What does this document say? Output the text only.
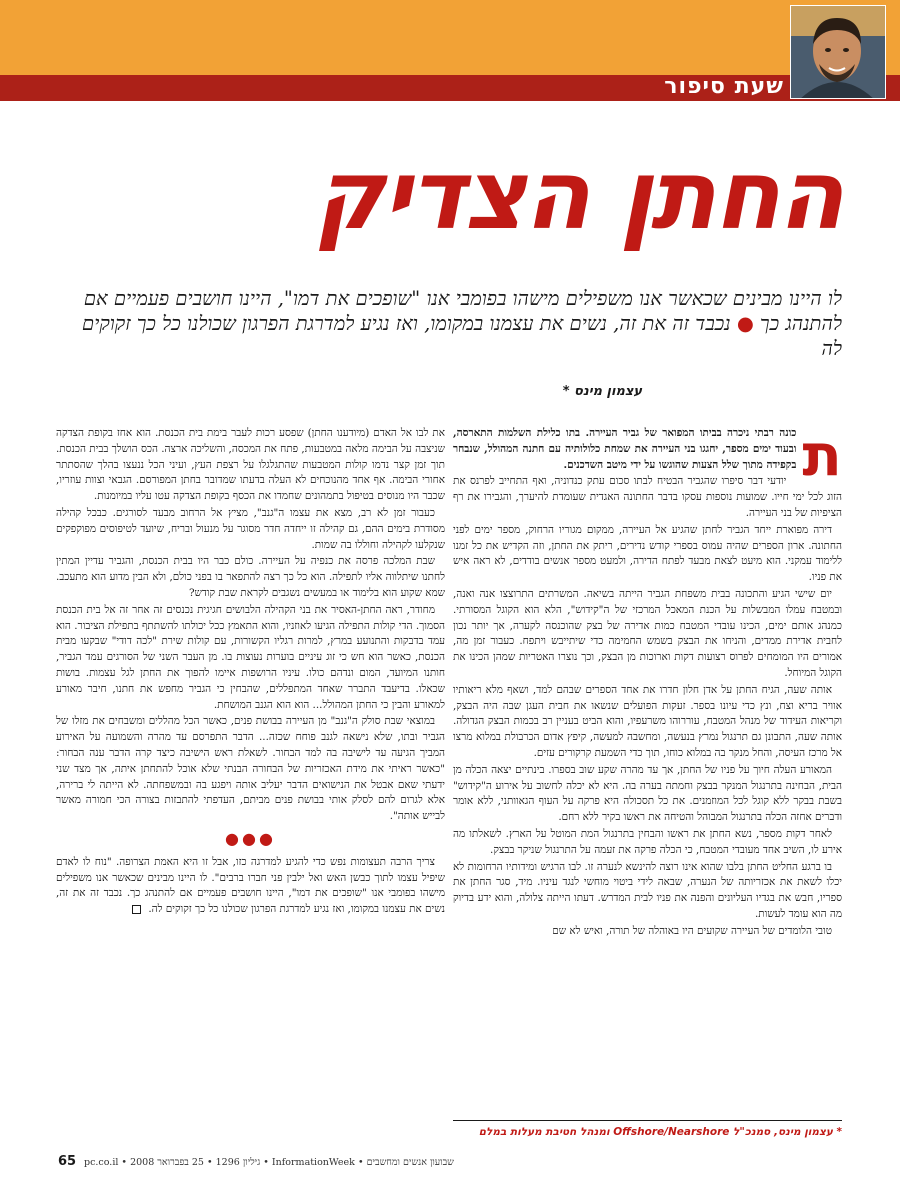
שעת סיפור
החתן הצדיק
לו היינו מבינים שכאשר אנו משפילים מישהו בפומבי אנו "שופכים את דמו", היינו חושבים פעמיים אם להתנהג כך ● נכבד זה את זה, נשים את עצמנו במקומו, ואז נגיע למדרגת הפרגון שכולנו כל כך זקוקים לה
עצמון מינס *

ת
כונה רבתי ניכרה בביתו המפואר של גביר העיירה. בתו כלילת השלמות התארסה, ובעוד ימים מספר, יחגגו בני העיירה את שמחת כלולותיה עם חתנה המהולל, שנבחר בקפידה מתוך שלל הצעות שהוגשו על ידי מיטב השדכנים.

יודעי דבר סיפרו שהגביר הבטיח לבתו סכום עתק כנדוניה, ואף התחייב לפרנס את הזוג לכל ימי חייו. שמועות נוספות עסקו בדבר החתונה האגדית שעומדת להיערך, והגבירו את רף הציפיות של בני העיירה.

דירה מפוארת ייחד הגביר לחתן שהגיע אל העיירה, ממקום מגוריו הרחוק, מספר ימים לפני החתונה. ארון הספרים שהיה עמוס בספרי קודש נדירים, ריתק את החתן, וזה הקדיש את כל זמנו ללימוד עמקני. הוא מיעט לצאת מבעד לפתח הדירה, ולמעט מספר אנשים בודדים, לא ראה איש את פניו.

יום שישי הגיע והתכונה בבית משפחת הגביר הייתה בשיאה. המשרתים התרוצצו אנה ואנה, ובמטבח עמלו המבשלות על הכנת המאכל המרכזי של ה"קידוש", הלא הוא הקוגל המסורתי. כמנהג אותם ימים, הכינו עובדי המטבח כמות אדירה של בצק שהוכנסה לקערה, אך יותר נכון לחבית אדירת ממדים, והניחו את הבצק בשמש החמימה כדי שיתייבש ויתפח. כעבור זמן מה, אמורים היו המומחים לפרוס רצועות דקות וארוכות מן הבצק, וכך נוצרו האטריות שמהן הכינו את הקוגל המיוחל.

אותה שעה, הגיח החתן על אדן חלון חדרו את אחד הספרים שבהם למד, ושאף מלא ריאותיו אוויר בריא וצח, ונץ כדי עיונו בספר. זעקות הפועלים שנשאו את חבית העגן שבה היה הבצק, וקריאות העידוד של מנהל המטבח, עוררוהו משרעפיו, והוא הביט בעניין רב בכמות הבצק הגדולה. אותה שעה, התבונן גם תרנגול נמרץ בנעשה, ומחשבה למעשה, קיפץ אדום הכרבולת במלוא מרצו אל מרכז העיסה, והחל מנקר בה במלוא כוחו, תוך כדי השמעת קרקורים עזים.

המאורע העלה חיוך על פניו של החתן, אך עד מהרה שקע שוב בספרו. בינתיים יצאה הכלה מן הבית, הבחינה בתרנגול המנקר בבצק וחמתה בערה בה. היא לא יכלה לחשוב על אירוע ה"קידוש" בשבת בבקר ללא קוגל לכל המוזמנים. את כל תסכולה היא פרקה על העוף הגאוותני, ללא אומר ודברים אחזה הכלה בתרנגול המבוהל והטיחה את ראשו בקיר ללא רחם.

לאחר דקות מספר, נשא החתן את ראשו והבחין בתרנגול המת המוטל על הארץ. לשאלתו מה אירע לו, השיב אחד מעובדי המטבח, כי הכלה פרקה את זעמה על התרנגול שניקר בבצק.

בו ברגע החליט החתן בלבו שהוא אינו רוצה להינשא לנערה זו. לבו הרגיש ומידותיו הרחומות לא יכלו לשאת את אכזריותה של הנערה, שבאה לידי ביטוי מוחשי לנגד עיניו. מיד, סגר החתן את ספריו, חבש את בגדיו העליונים והפנה את פניו לבית המדרש. דעתו הייתה צלולה, והוא ידע בדיוק מה הוא עומד לעשות.

טובי הלומדים של העיירה שקועים היו באוהלה של תורה, ואיש לא שם

את לבו אל האדם (מיודענו החתן) שפסע רכות לעבר בימת בית הכנסת. הוא אחז בקופת הצדקה שניצבה על הבימה מלאה במטבעות, פתח את המכסה, והשליכה ארצה. הכס הושלך בבית הכנסת. תוך זמן קצר נדמו קולות המטבעות שהתגלגלו על רצפת העץ, ועיני הכל ננעצו בהלך שהסתתר אחורי הבימה. אף אחד מהנוכחים לא העלה בדעתו שמדובר בחתן המפורסם. הגבאי וצוות עוזריו, שכבר היו מנוסים בטיפול בתמהונים שחמדו את הכסף בקופת הצדקה עטו עליו במיומנות.

כעבור זמן לא רב, מצא את עצמו ה"גנב", מציץ אל הרחוב מבעד לסורגים. כבכל קהילה מסודרת בימים ההם, גם קהילה זו ייחדה חדר מסוגר על מנעול ובריח, שיועד לטיפוסים מפוקפקים שנקלעו לקהילה וחוללו בה שמות.

שבת המלכה פרסה את כנפיה על העיירה. כולם כבר היו בבית הכנסת, והגביר עדיין המתין לחתנו שיתלווה אליו לתפילה. הוא כל כך רצה להתפאר בו בפני כולם, ולא הבין מדוע הוא מתעכב. שמא שקוע הוא בלימוד או במעשים נשגבים לקראת שבת קודש?

מחודר, ראה החתן-האסיר את בני הקהילה הלבושים חגיגית נכנסים זה אחר זה אל בית הכנסת הסמוך. הדי קולות התפילה הגיעו לאוזניו, והוא התאמץ ככל יכולתו להשתתף בתפילת הציבור. הוא עמד בדבקות והתנועע במרץ, למרות רגליו הקשורות, עם קולות שירת "לכה דודי" שבקעו מבית הכנסת, כאשר הוא חש כי זוג עיניים בוערות נעוצות בו. מן העבר השני של הסורגים עמד הגביר, חותנו המיועד, המום ונדהם כולו. עיניו הרושפות איימו להפוך את החתן לגל עצמות. בושות שכאלו. בדיעבד התברר שאחד המתפללים, שהבחין כי הגביר מחפש את חתנו, חיבר מאורע למאורע והבין כי החתן המהולל... הוא הוא הגנב המושחת.

במוצאי שבת סולק ה"גנב" מן העיירה בבושת פנים, כאשר הכל מהללים ומשבחים את מזלו של הגביר ובתו, שלא נישאה לגנב פוחח שכזה... הדבר התפרסם עד מהרה והשמועה על האירוע המביך הגיעה עד לישיבה בה למד הבחור. לשאלת ראש הישיבה כיצד קרה הדבר ענה הבחור: "כאשר ראיתי את מידת האכזריות של הבחורה הבנתי שלא אוכל להתחתן איתה, אך מצד שני ידעתי שאם אבטל את הנישואים הדבר יעליב אותה ויפגע בה ובמשפחתה. לא הייתה לי ברירה, אלא לגרום להם לסלק אותי בבושת פנים מביתם, העדפתי להתבזות בצורה הכי חמורה מאשר לבייש אותה".

●●●

צריך הרבה תעצומות נפש כדי להגיע למדרגה כזו, אבל זו היא האמת הצרופה. "נוח לו לאדם שיפיל עצמו לתוך כבשן האש ואל ילבין פני חברו ברבים". לו היינו מבינים שכאשר אנו משפילים מישהו בפומבי אנו "שופכים את דמו", היינו חושבים פעמיים אם להתנהג כך. נכבד זה את זה, נשים את עצמנו במקומו, ואז נגיע למדרגת הפרגון שכולנו כל כך זקוקים לה.

* עצמון מינס, סמנכ"ל Offshore/Nearshore ומנהל חטיבת מעלות במלם
65 שבועון אנשים ומחשבים • InformationWeek • גיליון 1296 • 25 בפברואר 2008 • pc.co.il
